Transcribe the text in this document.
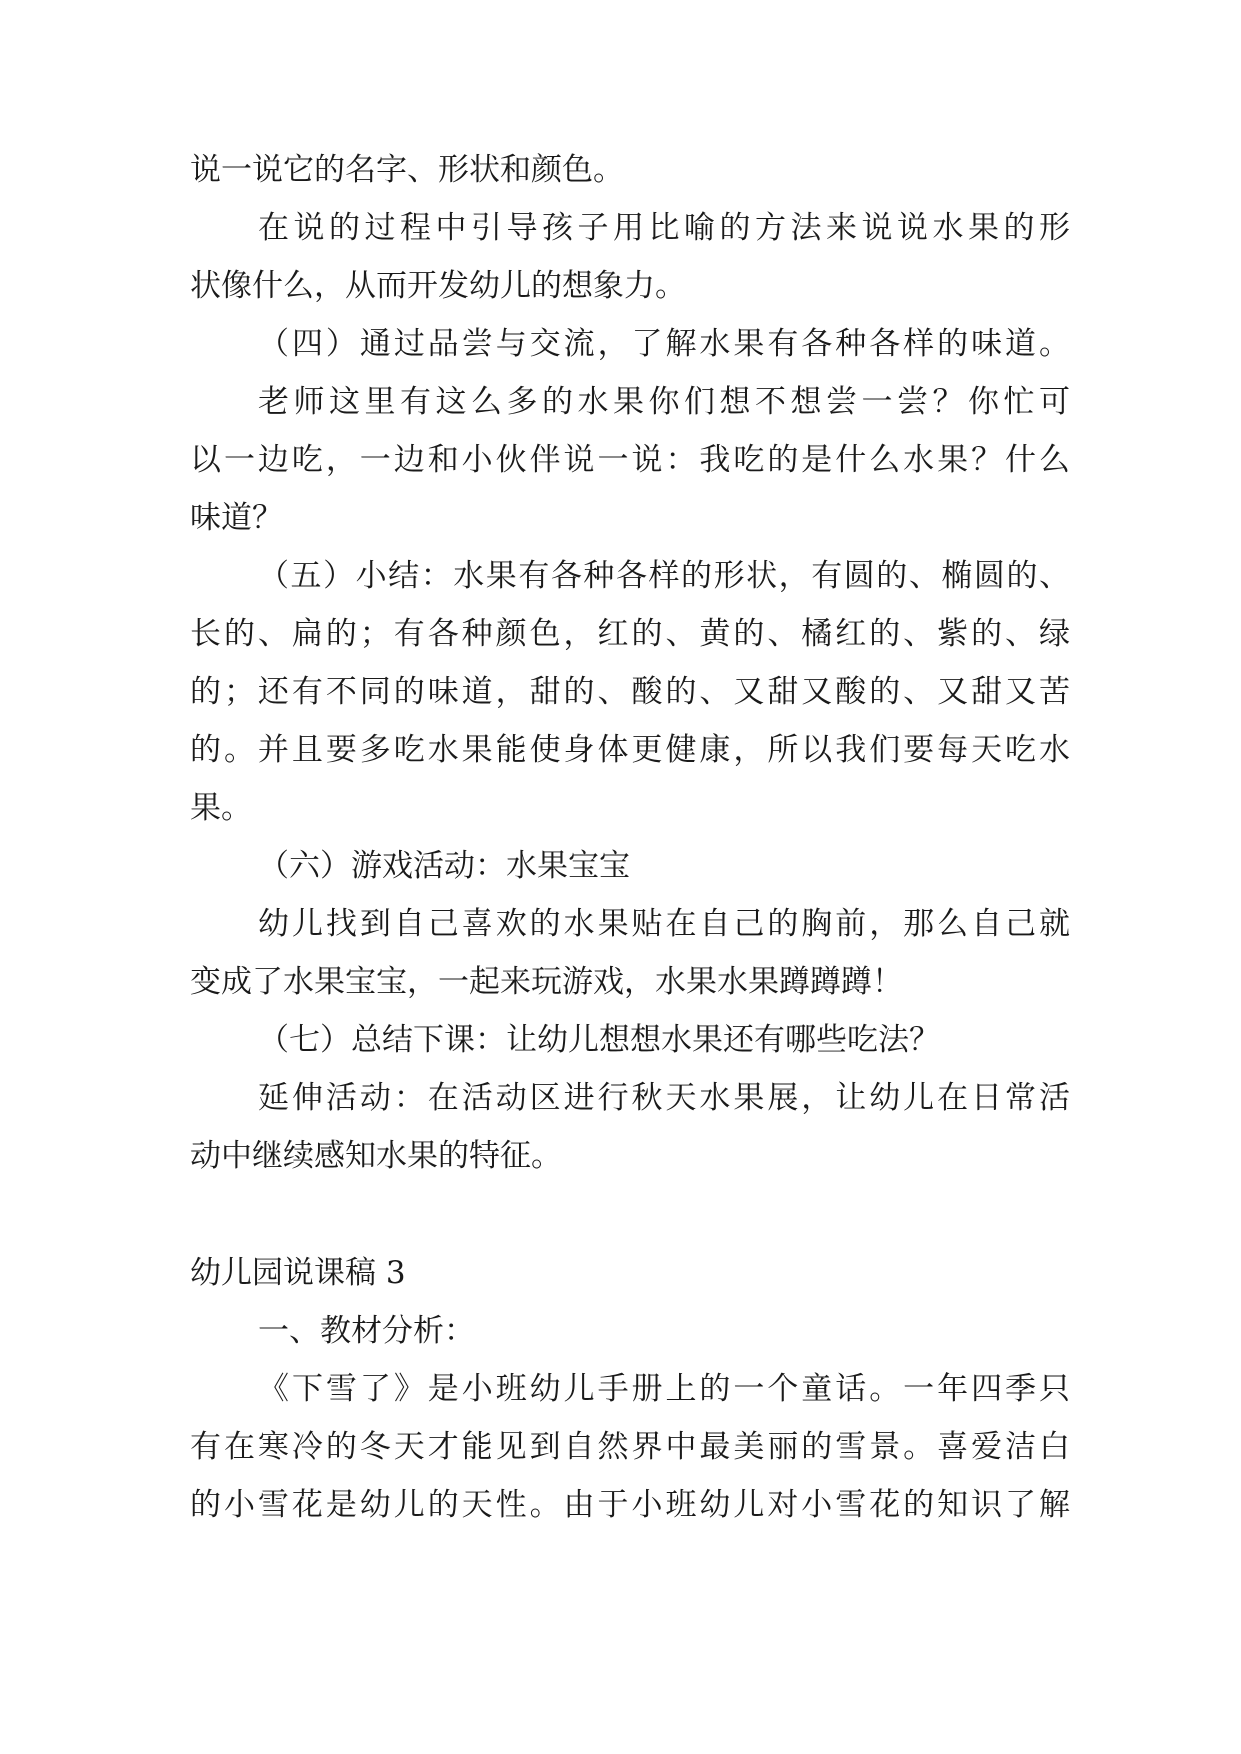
说一说它的名字、形状和颜色。
在说的过程中引导孩子用比喻的方法来说说水果的形
状像什么，从而开发幼儿的想象力。
（四）通过品尝与交流，了解水果有各种各样的味道。
老师这里有这么多的水果你们想不想尝一尝？你忙可
以一边吃，一边和小伙伴说一说：我吃的是什么水果？什么
味道？
（五）小结：水果有各种各样的形状，有圆的、椭圆的、
长的、扁的；有各种颜色，红的、黄的、橘红的、紫的、绿
的；还有不同的味道，甜的、酸的、又甜又酸的、又甜又苦
的。并且要多吃水果能使身体更健康，所以我们要每天吃水
果。
（六）游戏活动：水果宝宝
幼儿找到自己喜欢的水果贴在自己的胸前，那么自己就
变成了水果宝宝，一起来玩游戏，水果水果蹲蹲蹲！
（七）总结下课：让幼儿想想水果还有哪些吃法？
延伸活动：在活动区进行秋天水果展，让幼儿在日常活
动中继续感知水果的特征。
幼儿园说课稿 3
一、教材分析：
《下雪了》是小班幼儿手册上的一个童话。一年四季只
有在寒冷的冬天才能见到自然界中最美丽的雪景。喜爱洁白
的小雪花是幼儿的天性。由于小班幼儿对小雪花的知识了解
